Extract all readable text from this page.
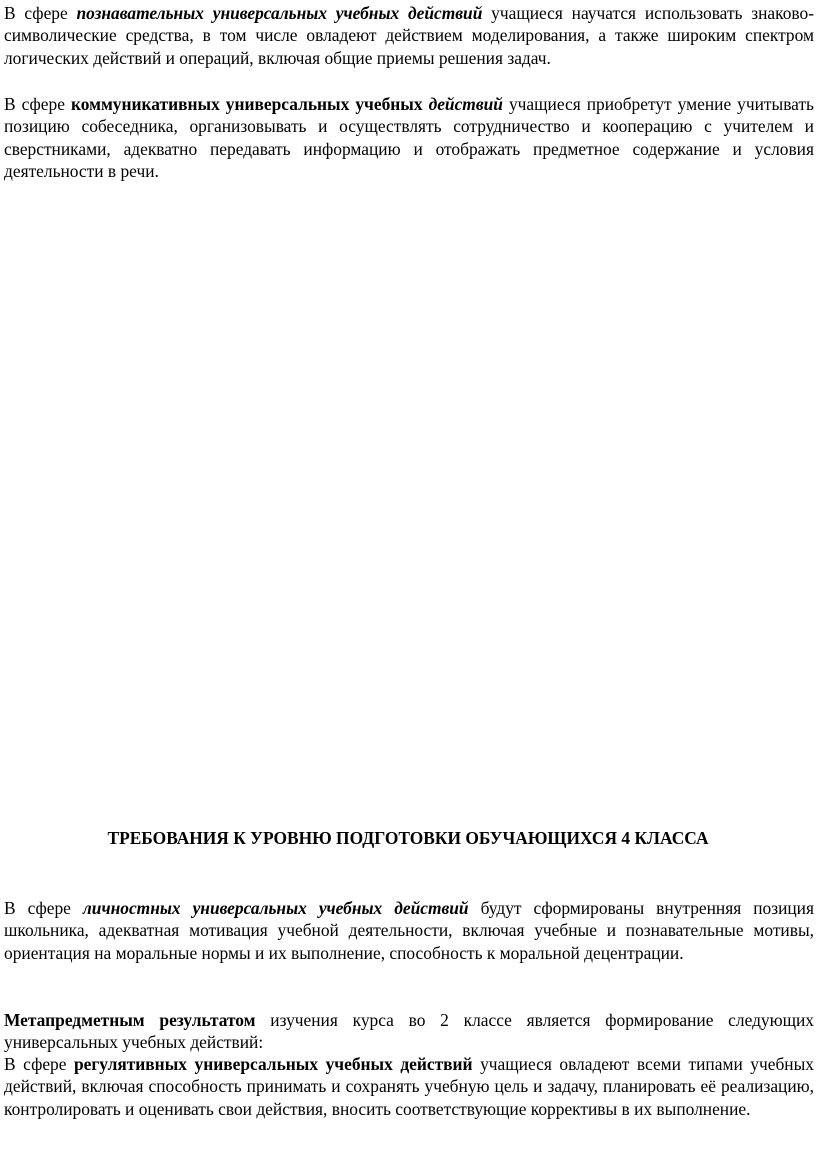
В сфере познавательных универсальных учебных действий учащиеся научатся использовать знаково-символические средства, в том числе овладеют действием моделирования, а также широким спектром логических действий и операций, включая общие приемы решения задач.

В сфере коммуникативных универсальных учебных действий учащиеся приобретут умение учитывать позицию собеседника, организовывать и осуществлять сотрудничество и кооперацию с учителем и сверстниками, адекватно передавать информацию и отображать предметное содержание и условия деятельности в речи.

ТРЕБОВАНИЯ К УРОВНЮ ПОДГОТОВКИ ОБУЧАЮЩИХСЯ 4 КЛАССА

В сфере личностных универсальных учебных действий будут сформированы внутренняя позиция школьника, адекватная мотивация учебной деятельности, включая учебные и познавательные мотивы, ориентация на моральные нормы и их выполнение, способность к моральной децентрации.

Метапредметным результатом изучения курса во 2 классе является формирование следующих универсальных учебных действий:

В сфере регулятивных универсальных учебных действий учащиеся овладеют всеми типами учебных действий, включая способность принимать и сохранять учебную цель и задачу, планировать её реализацию, контролировать и оценивать свои действия, вносить соответствующие коррективы в их выполнение.
